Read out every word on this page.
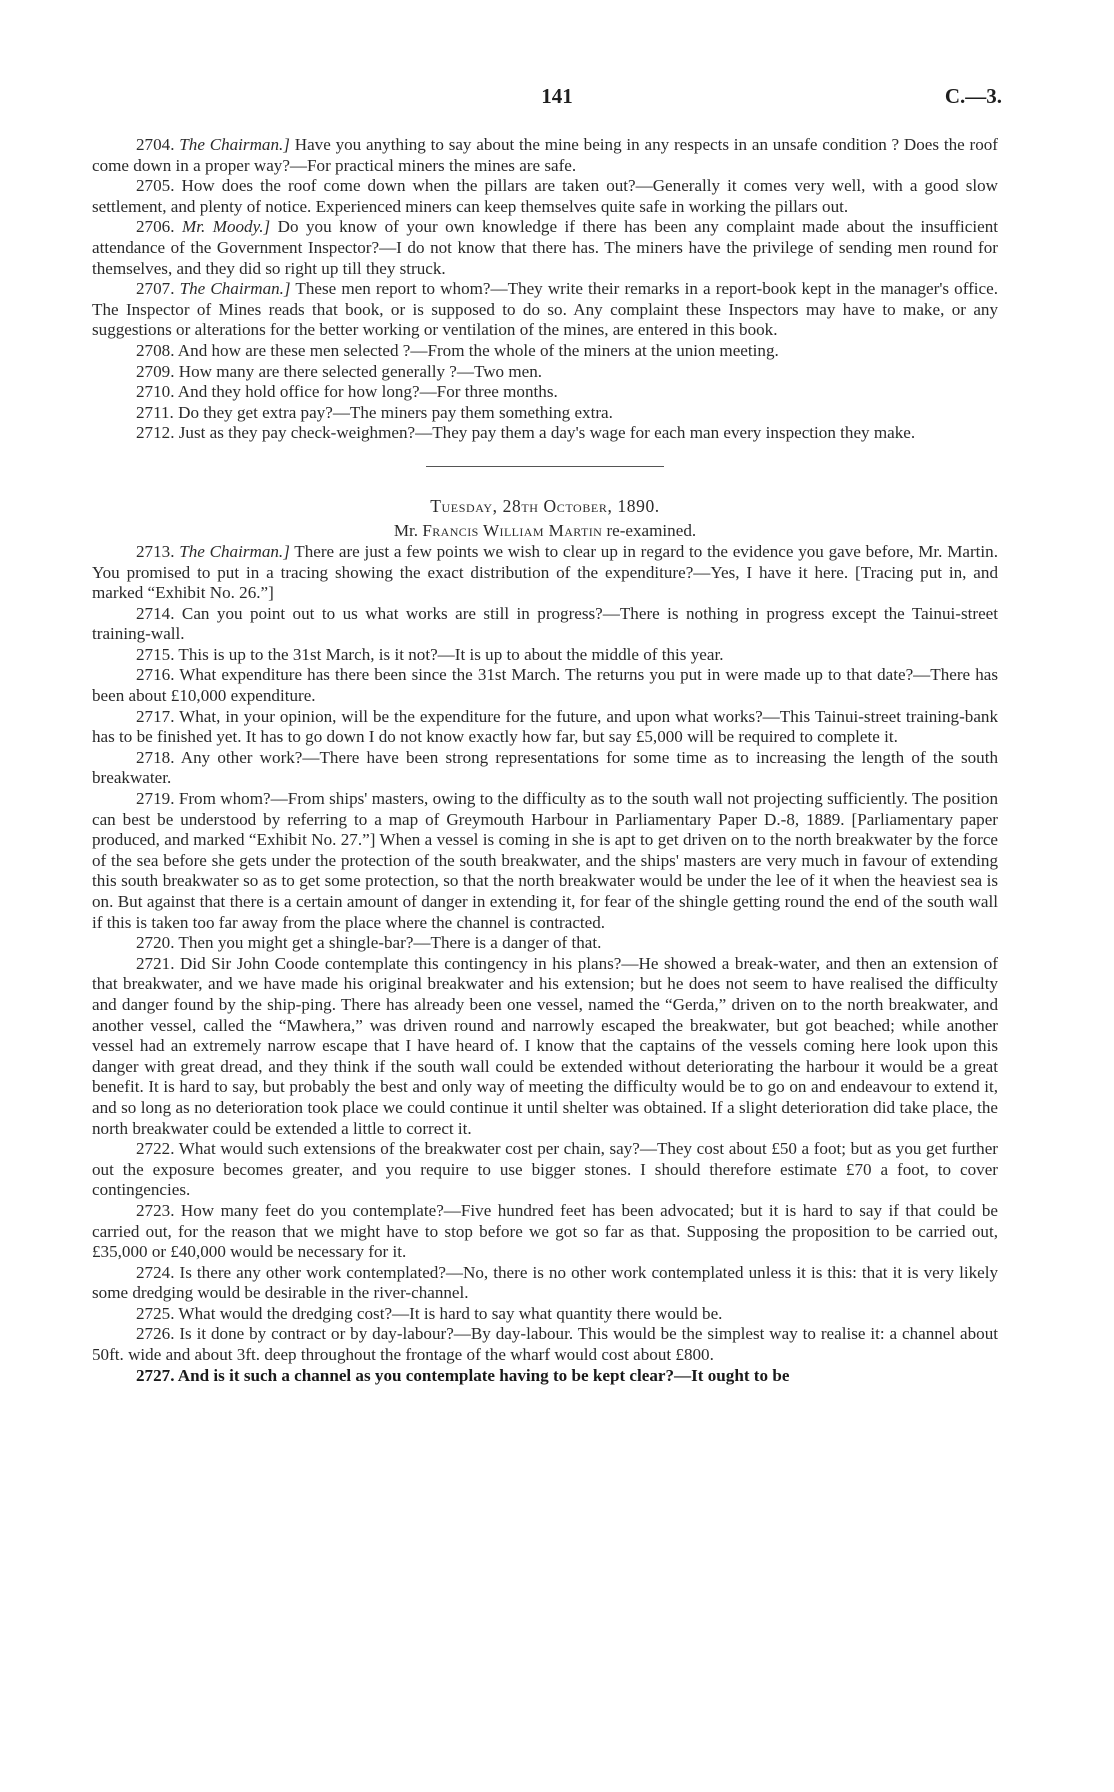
141	C.—3.

2704. The Chairman.] Have you anything to say about the mine being in any respects in an unsafe condition ? Does the roof come down in a proper way?—For practical miners the mines are safe.

2705. How does the roof come down when the pillars are taken out?—Generally it comes very well, with a good slow settlement, and plenty of notice. Experienced miners can keep themselves quite safe in working the pillars out.

2706. Mr. Moody.] Do you know of your own knowledge if there has been any complaint made about the insufficient attendance of the Government Inspector?—I do not know that there has. The miners have the privilege of sending men round for themselves, and they did so right up till they struck.

2707. The Chairman.] These men report to whom?—They write their remarks in a report-book kept in the manager's office. The Inspector of Mines reads that book, or is supposed to do so. Any complaint these Inspectors may have to make, or any suggestions or alterations for the better working or ventilation of the mines, are entered in this book.

2708. And how are these men selected ?—From the whole of the miners at the union meeting.

2709. How many are there selected generally ?—Two men.

2710. And they hold office for how long?—For three months.

2711. Do they get extra pay?—The miners pay them something extra.

2712. Just as they pay check-weighmen?—They pay them a day's wage for each man every inspection they make.

Tuesday, 28th October, 1890.

Mr. Francis William Martin re-examined.

2713. The Chairman.] There are just a few points we wish to clear up in regard to the evidence you gave before, Mr. Martin. You promised to put in a tracing showing the exact distribution of the expenditure?—Yes, I have it here. [Tracing put in, and marked “Exhibit No. 26.”]

2714. Can you point out to us what works are still in progress?—There is nothing in progress except the Tainui-street training-wall.

2715. This is up to the 31st March, is it not?—It is up to about the middle of this year.

2716. What expenditure has there been since the 31st March. The returns you put in were made up to that date?—There has been about £10,000 expenditure.

2717. What, in your opinion, will be the expenditure for the future, and upon what works?—This Tainui-street training-bank has to be finished yet. It has to go down I do not know exactly how far, but say £5,000 will be required to complete it.

2718. Any other work?—There have been strong representations for some time as to increasing the length of the south breakwater.

2719. From whom?—From ships' masters, owing to the difficulty as to the south wall not projecting sufficiently. The position can best be understood by referring to a map of Greymouth Harbour in Parliamentary Paper D.-8, 1889. [Parliamentary paper produced, and marked “Exhibit No. 27.”] When a vessel is coming in she is apt to get driven on to the north breakwater by the force of the sea before she gets under the protection of the south breakwater, and the ships' masters are very much in favour of extending this south breakwater so as to get some protection, so that the north breakwater would be under the lee of it when the heaviest sea is on. But against that there is a certain amount of danger in extending it, for fear of the shingle getting round the end of the south wall if this is taken too far away from the place where the channel is contracted.

2720. Then you might get a shingle-bar?—There is a danger of that.

2721. Did Sir John Coode contemplate this contingency in his plans?—He showed a break-water, and then an extension of that breakwater, and we have made his original breakwater and his extension; but he does not seem to have realised the difficulty and danger found by the ship-ping. There has already been one vessel, named the “Gerda,” driven on to the north breakwater, and another vessel, called the “Mawhera,” was driven round and narrowly escaped the breakwater, but got beached; while another vessel had an extremely narrow escape that I have heard of. I know that the captains of the vessels coming here look upon this danger with great dread, and they think if the south wall could be extended without deteriorating the harbour it would be a great benefit. It is hard to say, but probably the best and only way of meeting the difficulty would be to go on and endeavour to extend it, and so long as no deterioration took place we could continue it until shelter was obtained. If a slight deterioration did take place, the north breakwater could be extended a little to correct it.

2722. What would such extensions of the breakwater cost per chain, say?—They cost about £50 a foot; but as you get further out the exposure becomes greater, and you require to use bigger stones. I should therefore estimate £70 a foot, to cover contingencies.

2723. How many feet do you contemplate?—Five hundred feet has been advocated; but it is hard to say if that could be carried out, for the reason that we might have to stop before we got so far as that. Supposing the proposition to be carried out, £35,000 or £40,000 would be necessary for it.

2724. Is there any other work contemplated?—No, there is no other work contemplated unless it is this: that it is very likely some dredging would be desirable in the river-channel.

2725. What would the dredging cost?—It is hard to say what quantity there would be.

2726. Is it done by contract or by day-labour?—By day-labour. This would be the simplest way to realise it: a channel about 50ft. wide and about 3ft. deep throughout the frontage of the wharf would cost about £800.

2727. And is it such a channel as you contemplate having to be kept clear?—It ought to be
